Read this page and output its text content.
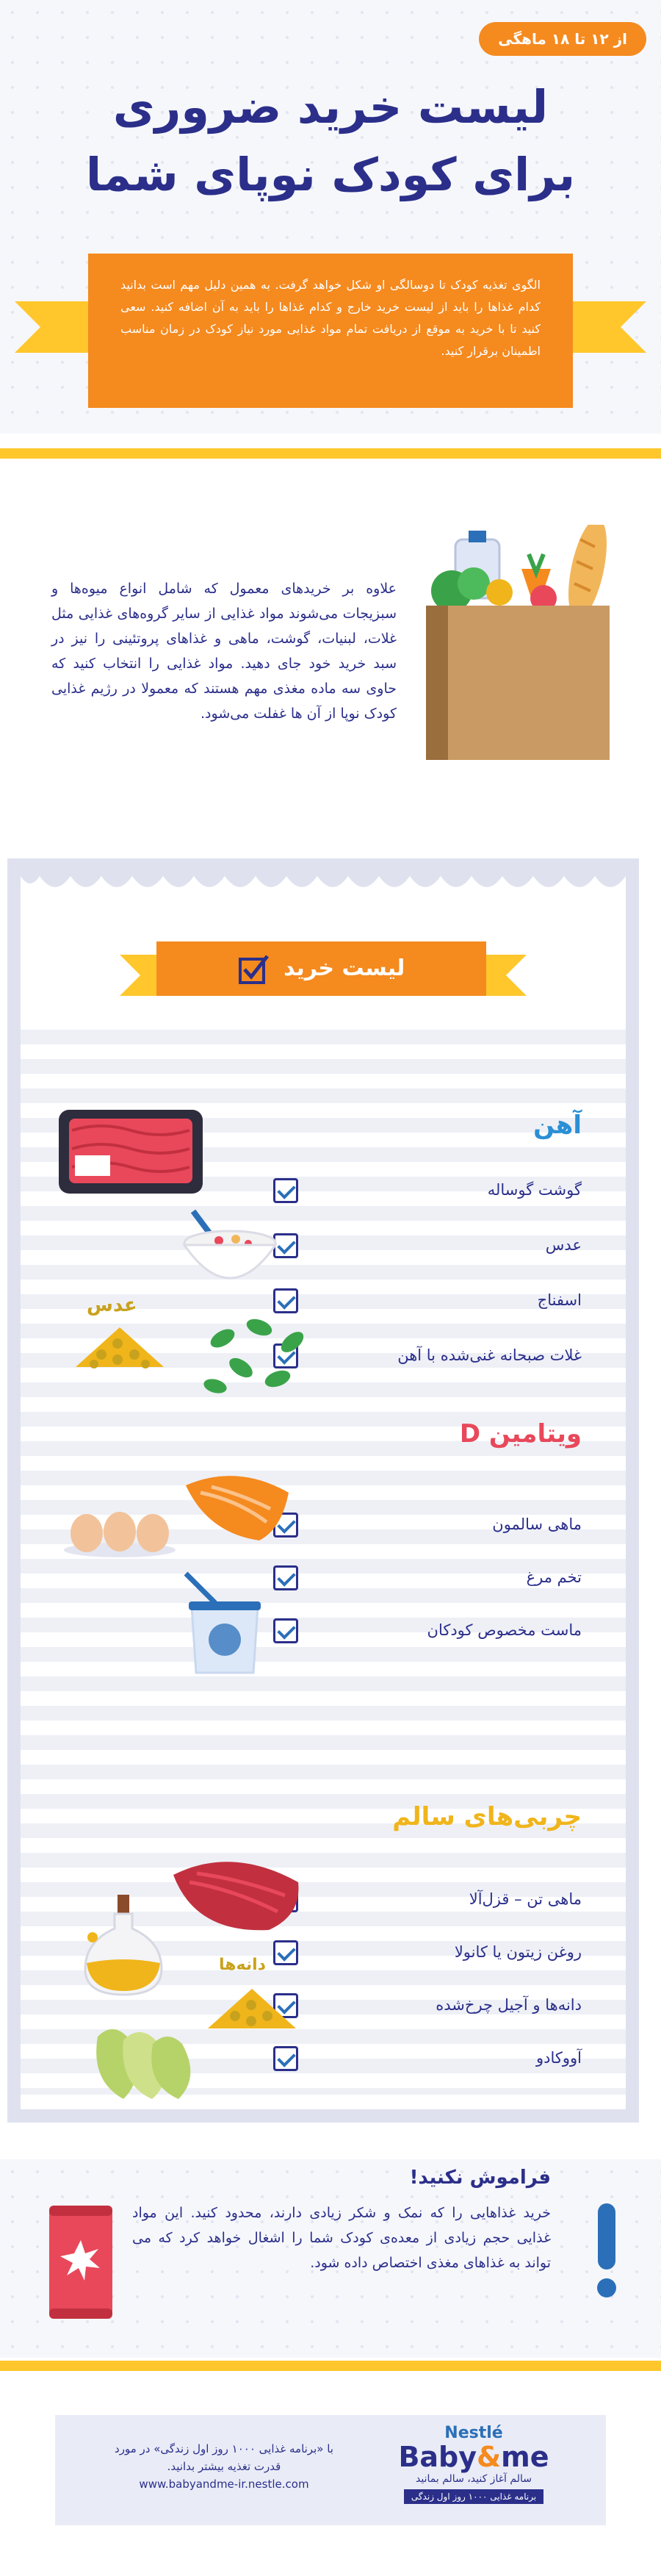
از ۱۲ تا ۱۸ ماهگی
لیست خرید ضروری
برای کودک نوپای شما
الگوی تغذیه کودک تا دوسالگی او شکل خواهد گرفت. به همین دلیل مهم است بدانید کدام غذاها را باید از لیست خرید خارج و کدام غذاها را باید به آن اضافه کنید. سعی کنید تا با خرید به موقع از دریافت تمام مواد غذایی مورد نیاز کودک در زمان مناسب اطمینان برقرار کنید.
علاوه بر خریدهای معمول که شامل انواع میوه‌ها و سبزیجات می‌شوند مواد غذایی از سایر گروه‌های غذایی مثل غلات، لبنیات، گوشت، ماهی و غذاهای پروتئینی را نیز در سبد خرید خود جای دهید. مواد غذایی را انتخاب کنید که حاوی سه ماده مغذی مهم هستند که معمولا در رژیم غذایی کودک نوپا از آن ها غفلت می‌شود.
لیست خرید
آهن
گوشت گوساله
عدس
اسفناج
غلات صبحانه غنی‌شده با آهن
عدس
ویتامین D
ماهی سالمون
تخم مرغ
ماست مخصوص کودکان
چربی‌های سالم
ماهی تن – قزل‌آلا
روغن زیتون یا کانولا
دانه‌ها و آجیل چرخ‌شده
آووکادو
دانه‌ها
فراموش نکنید!
خرید غذاهایی را که نمک و شکر زیادی دارند، محدود کنید. این مواد غذایی حجم زیادی از معده‌ی کودک شما را اشغال خواهد کرد که می تواند به غذاهای مغذی اختصاص داده شود.
با «برنامه غذایی ۱۰۰۰ روز اول زندگی» در مورد
قدرت تغذیه بیشتر بدانید.
www.babyandme-ir.nestle.com
Nestlé
Baby&me
سالم آغاز کنید، سالم بمانید
برنامه غذایی ۱۰۰۰ روز اول زندگی
